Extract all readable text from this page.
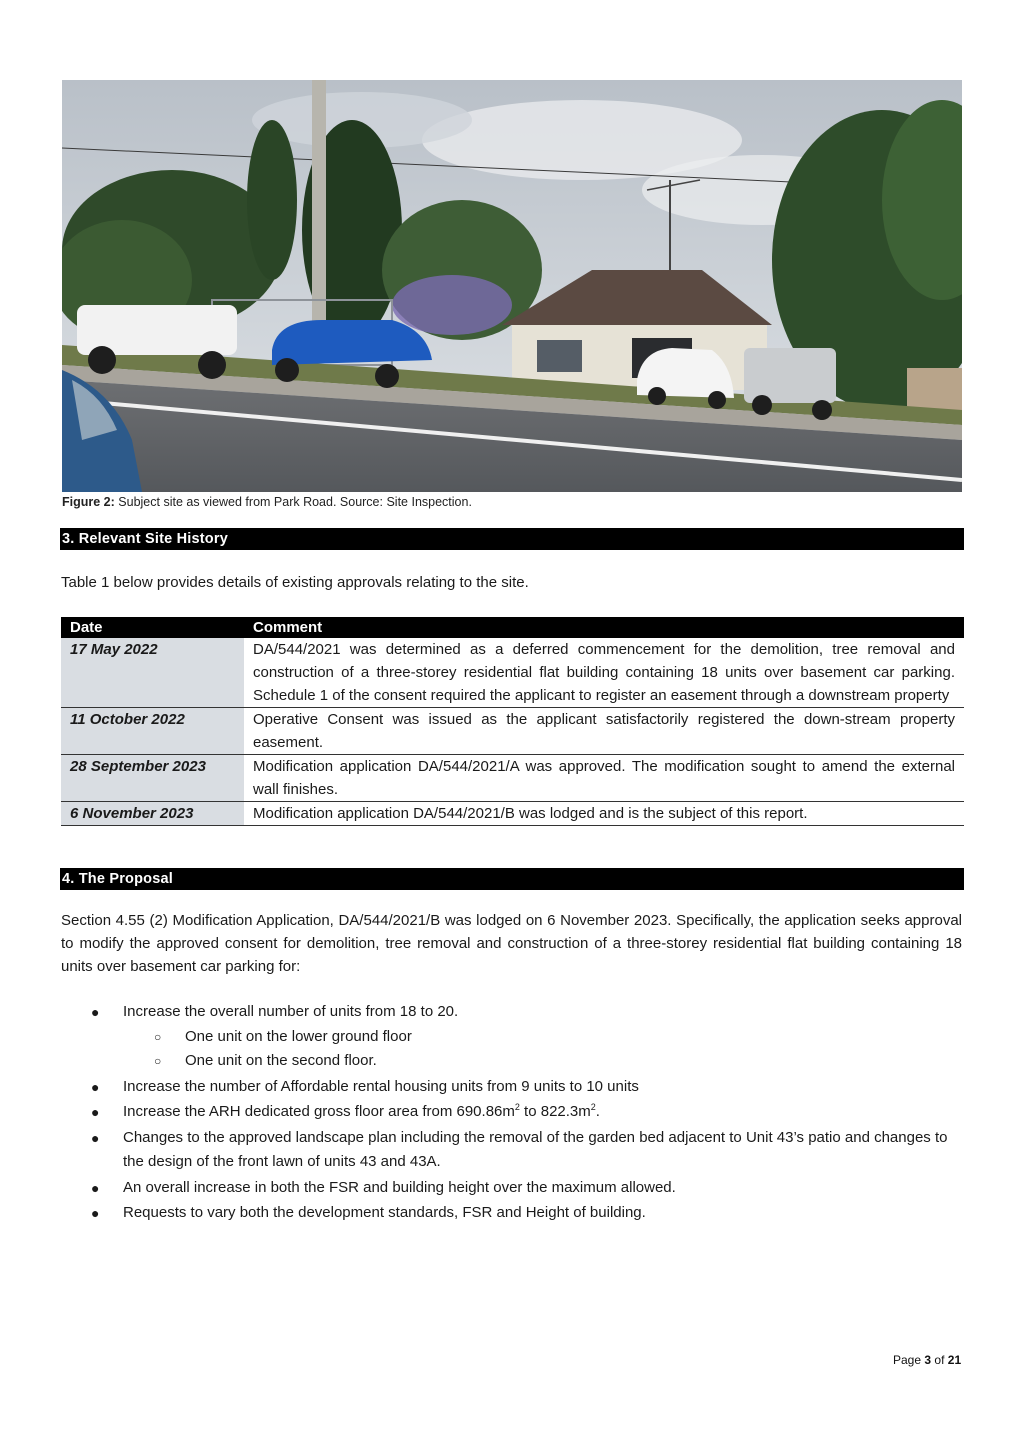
Figure 2: Subject site as viewed from Park Road. Source: Site Inspection.
3. Relevant Site History
Table 1 below provides details of existing approvals relating to the site.
Date	Comment
17 May 2022	DA/544/2021 was determined as a deferred commencement for the demolition, tree removal and construction of a three-storey residential flat building containing 18 units over basement car parking. Schedule 1 of the consent required the applicant to register an easement through a downstream property
11 October 2022	Operative Consent was issued as the applicant satisfactorily registered the down-stream property easement.
28 September 2023	Modification application DA/544/2021/A was approved. The modification sought to amend the external wall finishes.
6 November 2023	Modification application DA/544/2021/B was lodged and is the subject of this report.
4. The Proposal
Section 4.55 (2) Modification Application, DA/544/2021/B was lodged on 6 November 2023. Specifically, the application seeks approval to modify the approved consent for demolition, tree removal and construction of a three-storey residential flat building containing 18 units over basement car parking for:
● Increase the overall number of units from 18 to 20.
○ One unit on the lower ground floor
○ One unit on the second floor.
● Increase the number of Affordable rental housing units from 9 units to 10 units
● Increase the ARH dedicated gross floor area from $690.86m^2$ to $822.3m^2$.
● Changes to the approved landscape plan including the removal of the garden bed adjacent to Unit 43’s patio and changes to the design of the front lawn of units 43 and 43A.
● An overall increase in both the FSR and building height over the maximum allowed.
● Requests to vary both the development standards, FSR and Height of building.
Page 3 of 21
